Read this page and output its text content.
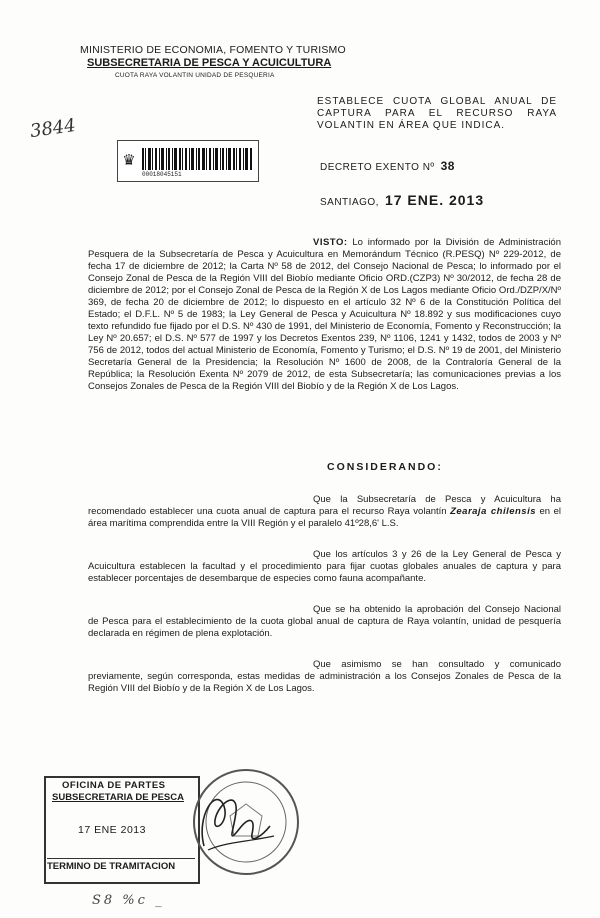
MINISTERIO DE ECONOMIA, FOMENTO Y TURISMO
SUBSECRETARIA DE PESCA Y ACUICULTURA
CUOTA RAYA VOLANTIN UNIDAD DE PESQUERIA
3844
♛
00018045151
ESTABLECE CUOTA GLOBAL ANUAL DE CAPTURA PARA EL RECURSO RAYA VOLANTIN EN ÁREA QUE INDICA.
DECRETO EXENTO Nº 38
SANTIAGO, 17 ENE. 2013
VISTO: Lo informado por la División de Administración Pesquera de la Subsecretaría de Pesca y Acuicultura en Memorándum Técnico (R.PESQ) Nº 229-2012, de fecha 17 de diciembre de 2012; la Carta Nº 58 de 2012, del Consejo Nacional de Pesca; lo informado por el Consejo Zonal de Pesca de la Región VIII del Biobío mediante Oficio ORD.(CZP3) Nº 30/2012, de fecha 28 de diciembre de 2012; por el Consejo Zonal de Pesca de la Región X de Los Lagos mediante Oficio Ord./DZP/X/Nº 369, de fecha 20 de diciembre de 2012; lo dispuesto en el artículo 32 Nº 6 de la Constitución Política del Estado; el D.F.L. Nº 5 de 1983; la Ley General de Pesca y Acuicultura Nº 18.892 y sus modificaciones cuyo texto refundido fue fijado por el D.S. Nº 430 de 1991, del Ministerio de Economía, Fomento y Reconstrucción; la Ley Nº 20.657; el D.S. Nº 577 de 1997 y los Decretos Exentos 239, Nº 1106, 1241 y 1432, todos de 2003 y Nº 756 de 2012, todos del actual Ministerio de Economía, Fomento y Turismo; el D.S. Nº 19 de 2001, del Ministerio Secretaría General de la Presidencia; la Resolución Nº 1600 de 2008, de la Contraloría General de la República; la Resolución Exenta Nº 2079 de 2012, de esta Subsecretaría; las comunicaciones previas a los Consejos Zonales de Pesca de la Región VIII del Biobío y de la Región X de Los Lagos.
CONSIDERANDO:
Que la Subsecretaría de Pesca y Acuicultura ha recomendado establecer una cuota anual de captura para el recurso Raya volantín Zearaja chilensis en el área marítima comprendida entre la VIII Región y el paralelo 41º28,6' L.S.
Que los artículos 3 y 26 de la Ley General de Pesca y Acuicultura establecen la facultad y el procedimiento para fijar cuotas globales anuales de captura y para establecer porcentajes de desembarque de especies como fauna acompañante.
Que se ha obtenido la aprobación del Consejo Nacional de Pesca para el establecimiento de la cuota global anual de captura de Raya volantín, unidad de pesquería declarada en régimen de plena explotación.
Que asimismo se han consultado y comunicado previamente, según corresponda, estas medidas de administración a los Consejos Zonales de Pesca de la Región VIII del Biobío y de la Región X de Los Lagos.
OFICINA DE PARTES
SUBSECRETARIA DE PESCA
17 ENE 2013
TERMINO DE TRAMITACION
S8 %c _
